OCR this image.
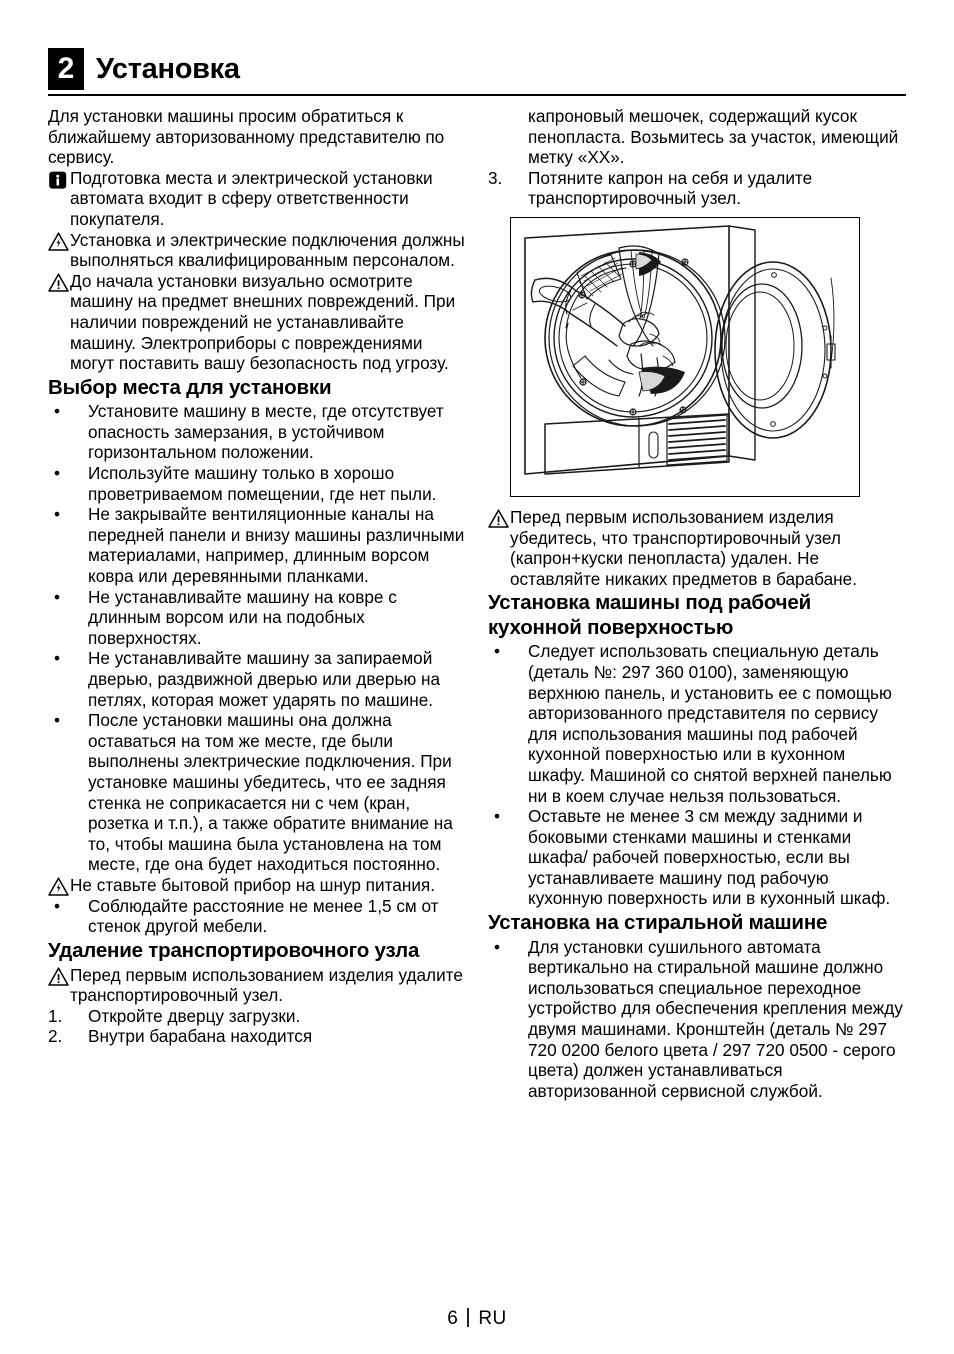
2 Установка
Для установки машины просим обратиться к ближайшему авторизованному представителю по сервису.
Подготовка места и электрической установки автомата входит в сферу ответственности покупателя.
Установка и электрические подключения должны выполняться квалифицированным персоналом.
До начала установки визуально осмотрите машину на предмет внешних повреждений. При наличии повреждений не устанавливайте машину. Электроприборы с повреждениями могут поставить вашу безопасность под угрозу.
Выбор места для установки
•	Установите машину в месте, где отсутствует опасность замерзания, в устойчивом горизонтальном положении.
•	Используйте машину только в хорошо проветриваемом помещении, где нет пыли.
•	Не закрывайте вентиляционные каналы на передней панели и внизу машины различными материалами, например, длинным ворсом ковра или деревянными планками.
•	Не устанавливайте машину на ковре с длинным ворсом или на подобных поверхностях.
•	Не устанавливайте машину за запираемой дверью, раздвижной дверью или дверью на петлях, которая может ударять по машине.
•	После установки машины она должна оставаться на том же месте, где были выполнены электрические подключения. При установке машины убедитесь, что ее задняя стенка не соприкасается ни с чем (кран, розетка и т.п.), а также обратите внимание на то, чтобы машина была установлена на том месте, где она будет находиться постоянно.
Не ставьте бытовой прибор на шнур питания.
•	Соблюдайте расстояние не менее 1,5 см от стенок другой мебели.
Удаление транспортировочного узла
Перед первым использованием изделия удалите транспортировочный узел.
1.	Откройте дверцу загрузки.
2.	Внутри барабана находится
капроновый мешочек, содержащий кусок пенопласта. Возьмитесь за участок, имеющий метку «XX».
3.	Потяните капрон на себя и удалите транспортировочный узел.
Перед первым использованием изделия убедитесь, что транспортировочный узел (капрон+куски пенопласта) удален. Не оставляйте никаких предметов в барабане.
Установка машины под рабочей кухонной поверхностью
•	Следует использовать специальную деталь (деталь №: 297 360 0100), заменяющую верхнюю панель, и установить ее с помощью авторизованного представителя по сервису для использования машины под рабочей кухонной поверхностью или в кухонном шкафу. Машиной со снятой верхней панелью ни в коем случае нельзя пользоваться.
•	Оставьте не менее 3 см между задними и боковыми стенками машины и стенками шкафа/ рабочей поверхностью, если вы устанавливаете машину под рабочую кухонную поверхность или в кухонный шкаф.
Установка на стиральной машине
•	Для установки сушильного автомата вертикально на стиральной машине должно использоваться специальное переходное устройство для обеспечения крепления между двумя машинами. Кронштейн (деталь № 297 720 0200 белого цвета / 297 720 0500 - серого цвета) должен устанавливаться авторизованной сервисной службой.
6 RU
